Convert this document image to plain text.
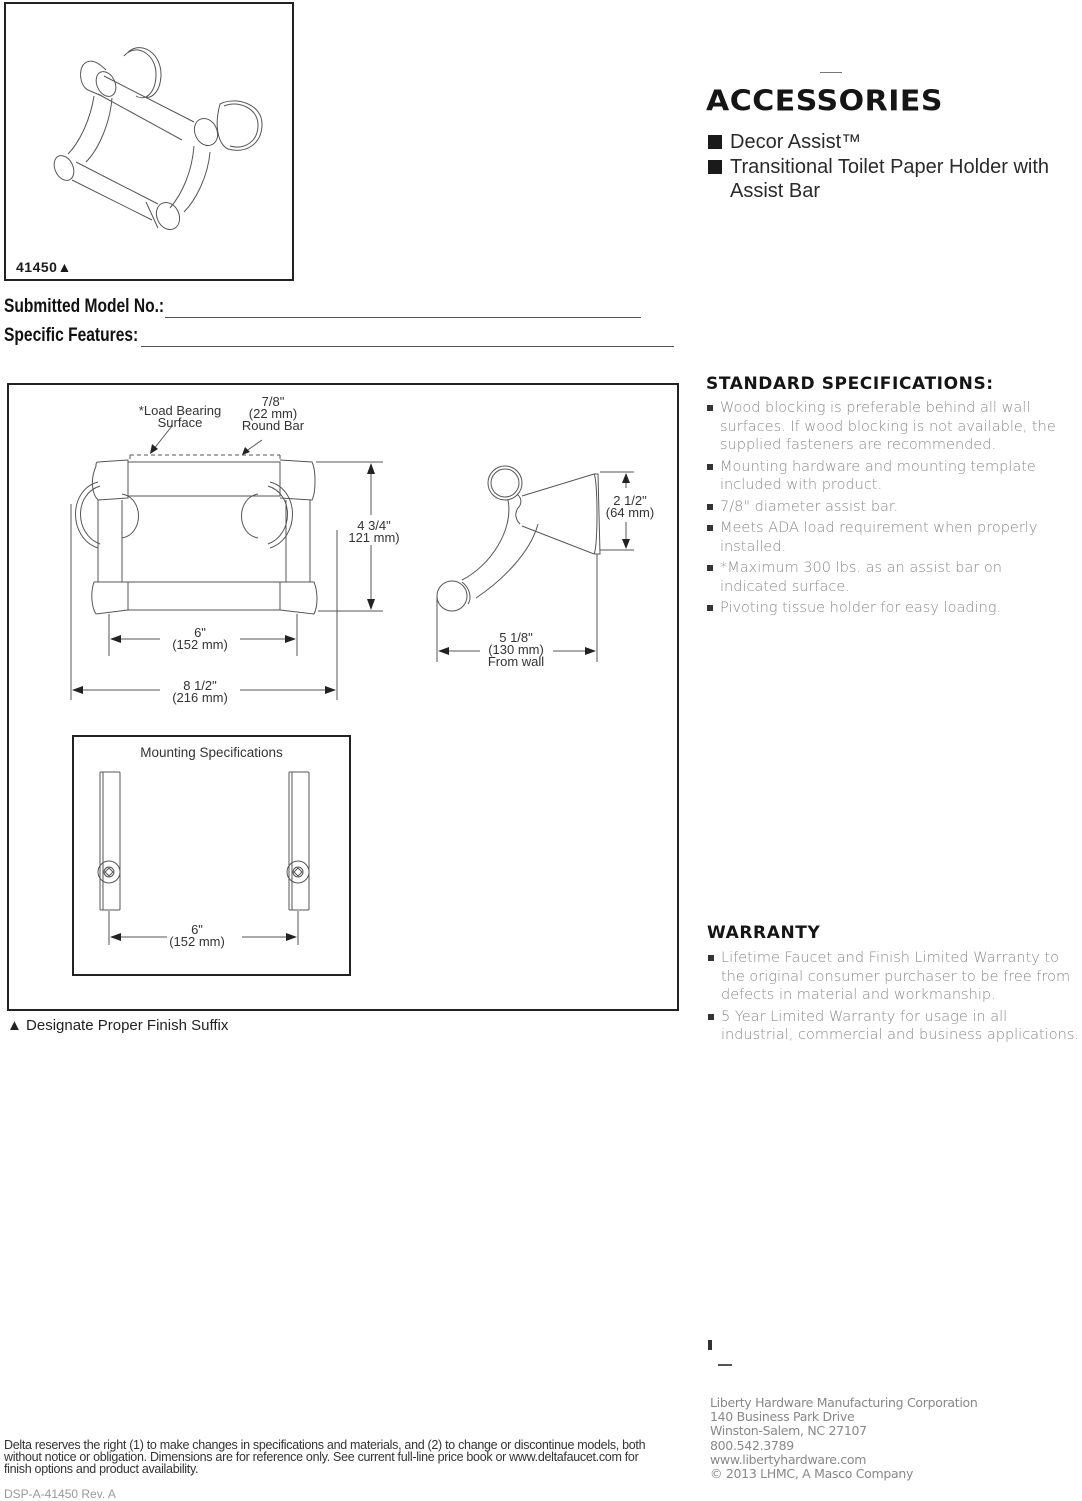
41450▲
ACCESSORIES
Decor Assist™
Transitional Toilet Paper Holder with
Assist Bar
Submitted Model No.:
Specific Features:
*Load Bearing
Surface
7/8"
(22 mm)
Round Bar
4 3/4"
121 mm)
6"
(152 mm)
8 1/2"
(216 mm)
2 1/2"
(64 mm)
5 1/8"
(130 mm)
From wall
Mounting Specifications
6"
(152 mm)
STANDARD SPECIFICATIONS:
Wood blocking is preferable behind all wall surfaces. If wood blocking is not available, the supplied fasteners are recommended.
Mounting hardware and mounting template included with product.
7/8" diameter assist bar.
Meets ADA load requirement when properly installed.
*Maximum 300 lbs. as an assist bar on indicated surface.
Pivoting tissue holder for easy loading.
WARRANTY
Lifetime Faucet and Finish Limited Warranty to the original consumer purchaser to be free from defects in material and workmanship.
5 Year Limited Warranty for usage in all industrial, commercial and business applications.
▲ Designate Proper Finish Suffix
Liberty Hardware Manufacturing Corporation
140 Business Park Drive
Winston-Salem, NC 27107
800.542.3789
www.libertyhardware.com
© 2013 LHMC, A Masco Company
Delta reserves the right (1) to make changes in specifications and materials, and (2) to change or discontinue models, both without notice or obligation. Dimensions are for reference only. See current full-line price book or www.deltafaucet.com for finish options and product availability.
DSP-A-41450 Rev. A
